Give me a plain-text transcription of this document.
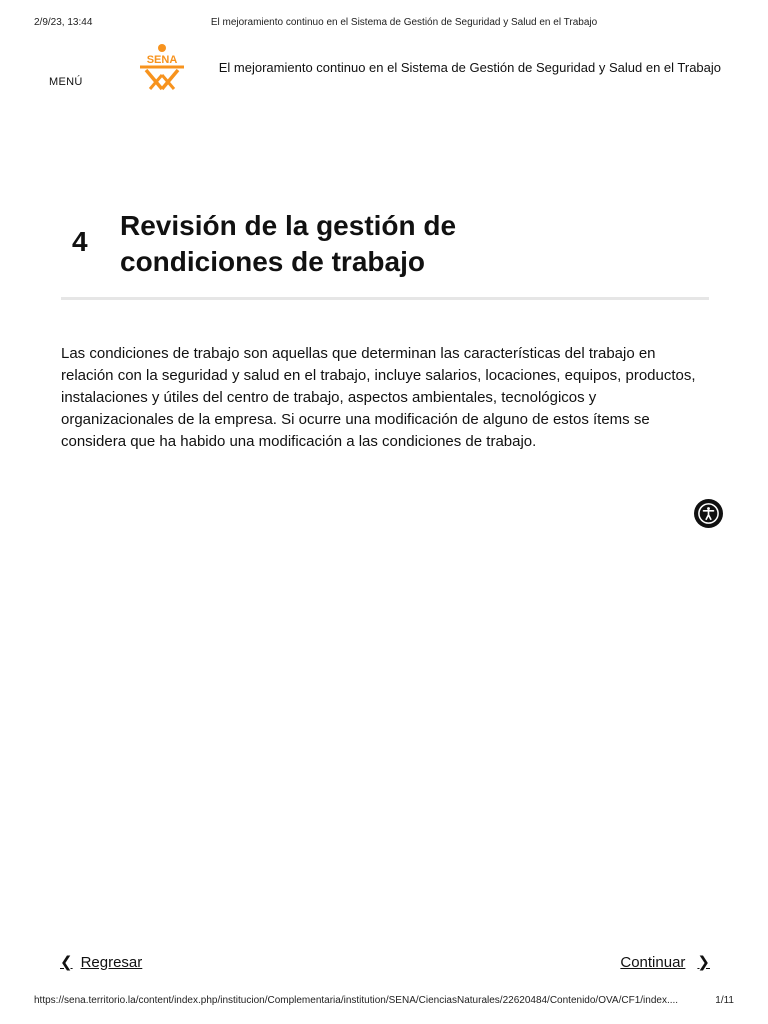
2/9/23, 13:44	El mejoramiento continuo en el Sistema de Gestión de Seguridad y Salud en el Trabajo
MENÚ
SENA	El mejoramiento continuo en el Sistema de Gestión de Seguridad y Salud en el Trabajo
4
Revisión de la gestión de
condiciones de trabajo

Las condiciones de trabajo son aquellas que determinan las características del trabajo en relación con la seguridad y salud en el trabajo, incluye salarios, locaciones, equipos, productos, instalaciones y útiles del centro de trabajo, aspectos ambientales, tecnológicos y organizacionales de la empresa. Si ocurre una modificación de alguno de estos ítems se considera que ha habido una modificación a las condiciones de trabajo.

❮ Regresar	Continuar ❯
https://sena.territorio.la/content/index.php/institucion/Complementaria/institution/SENA/CienciasNaturales/22620484/Contenido/OVA/CF1/index....	1/11
